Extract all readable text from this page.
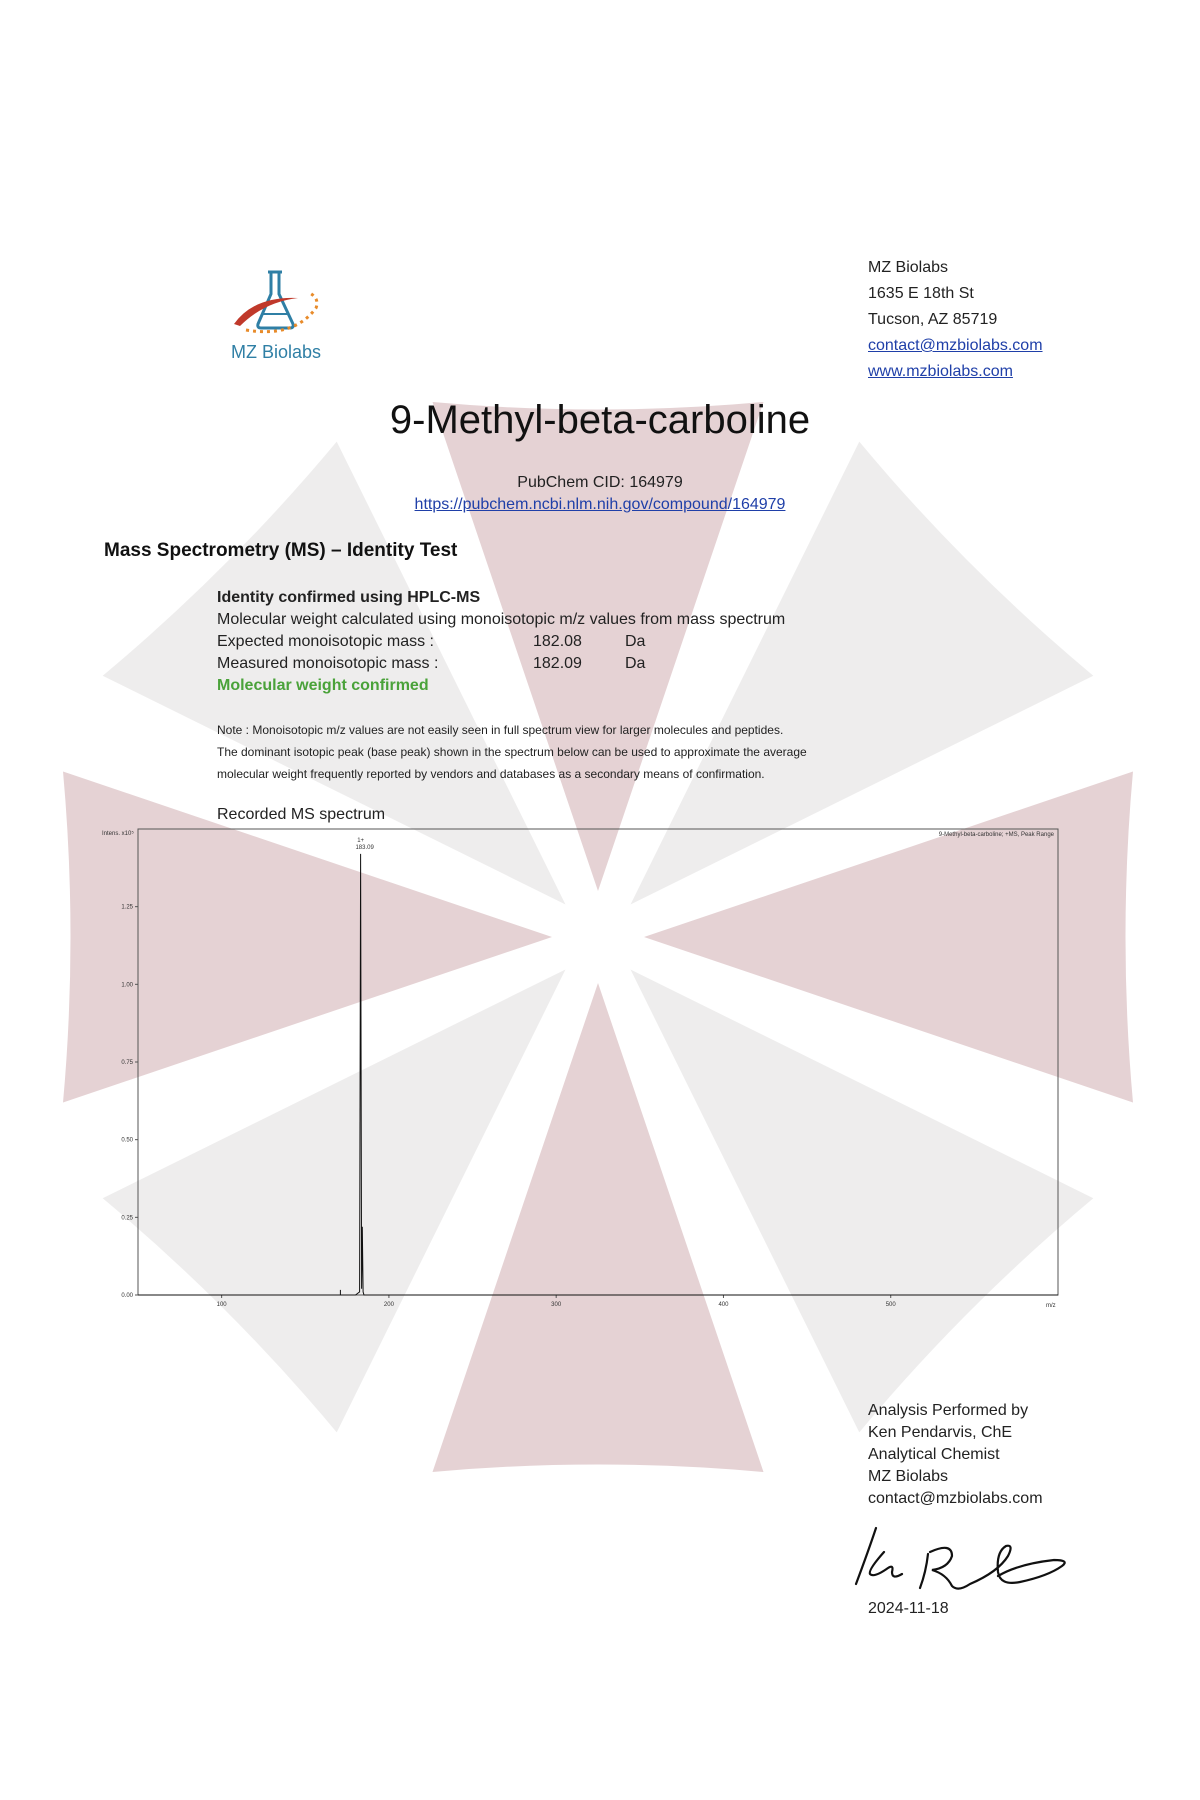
MZ Biolabs
MZ Biolabs
1635 E 18th St
Tucson, AZ 85719
contact@mzbiolabs.com
www.mzbiolabs.com
9-Methyl-beta-carboline
PubChem CID: 164979
https://pubchem.ncbi.nlm.nih.gov/compound/164979
Mass Spectrometry (MS) – Identity Test
Identity confirmed using HPLC-MS
Molecular weight calculated using monoisotopic m/z values from mass spectrum
Expected monoisotopic mass :	182.08	Da
Measured monoisotopic mass :	182.09	Da
Molecular weight confirmed
Note : Monoisotopic m/z values are not easily seen in full spectrum view for larger molecules and peptides.
The dominant isotopic peak (base peak) shown in the spectrum below can be used to approximate the average
molecular weight frequently reported by vendors and databases as a secondary means of confirmation.
Recorded MS spectrum
0.00
0.25
0.50
0.75
1.00
1.25
100	200	300	400	500
Intens. x10⁵
m/z
9-Methyl-beta-carboline; +MS, Peak Range
1+
183.09
Analysis Performed by
Ken Pendarvis, ChE
Analytical Chemist
MZ Biolabs
contact@mzbiolabs.com
2024-11-18
